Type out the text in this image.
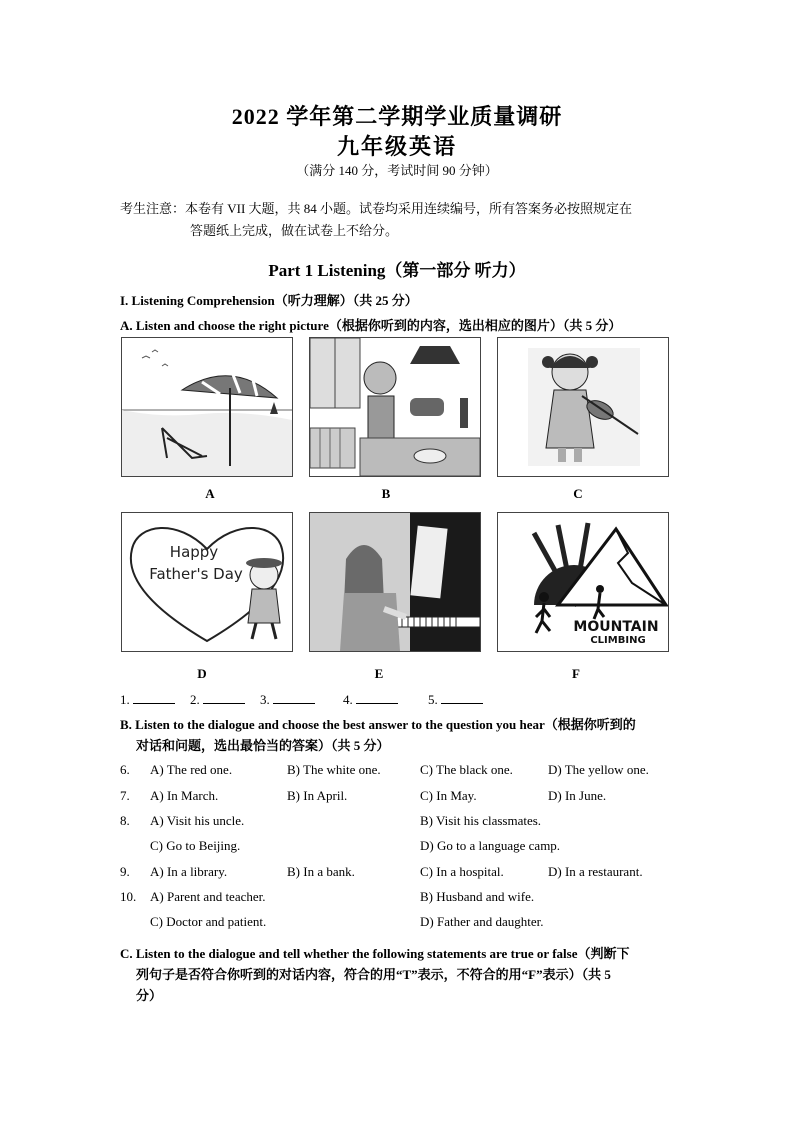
2022 学年第二学期学业质量调研
九年级英语
（满分 140 分，考试时间 90 分钟）
考生注意：本卷有 VII 大题，共 84 小题。试卷均采用连续编号，所有答案务必按照规定在
答题纸上完成，做在试卷上不给分。
Part 1 Listening（第一部分 听力）
I. Listening Comprehension（听力理解）（共 25 分）
A. Listen and choose the right picture（根据你听到的内容，选出相应的图片）（共 5 分）
A	B	C
Happy
Father's Day
D	E
MOUNTAIN
CLIMBING
F
1.	2.	3.	4.	5.
B. Listen to the dialogue and choose the best answer to the question you hear（根据你听到的
对话和问题，选出最恰当的答案）（共 5 分）
6. A) The red one.	B) The white one.	C) The black one.	D) The yellow one.
7. A) In March.	B) In April.	C) In May.	D) In June.
8. A) Visit his uncle.	B) Visit his classmates.
C) Go to Beijing.	D) Go to a language camp.
9. A) In a library.	B) In a bank.	C) In a hospital.	D) In a restaurant.
10. A) Parent and teacher.	B) Husband and wife.
C) Doctor and patient.	D) Father and daughter.
C. Listen to the dialogue and tell whether the following statements are true or false（判断下
列句子是否符合你听到的对话内容，符合的用“T”表示，不符合的用“F”表示）（共 5
分）
